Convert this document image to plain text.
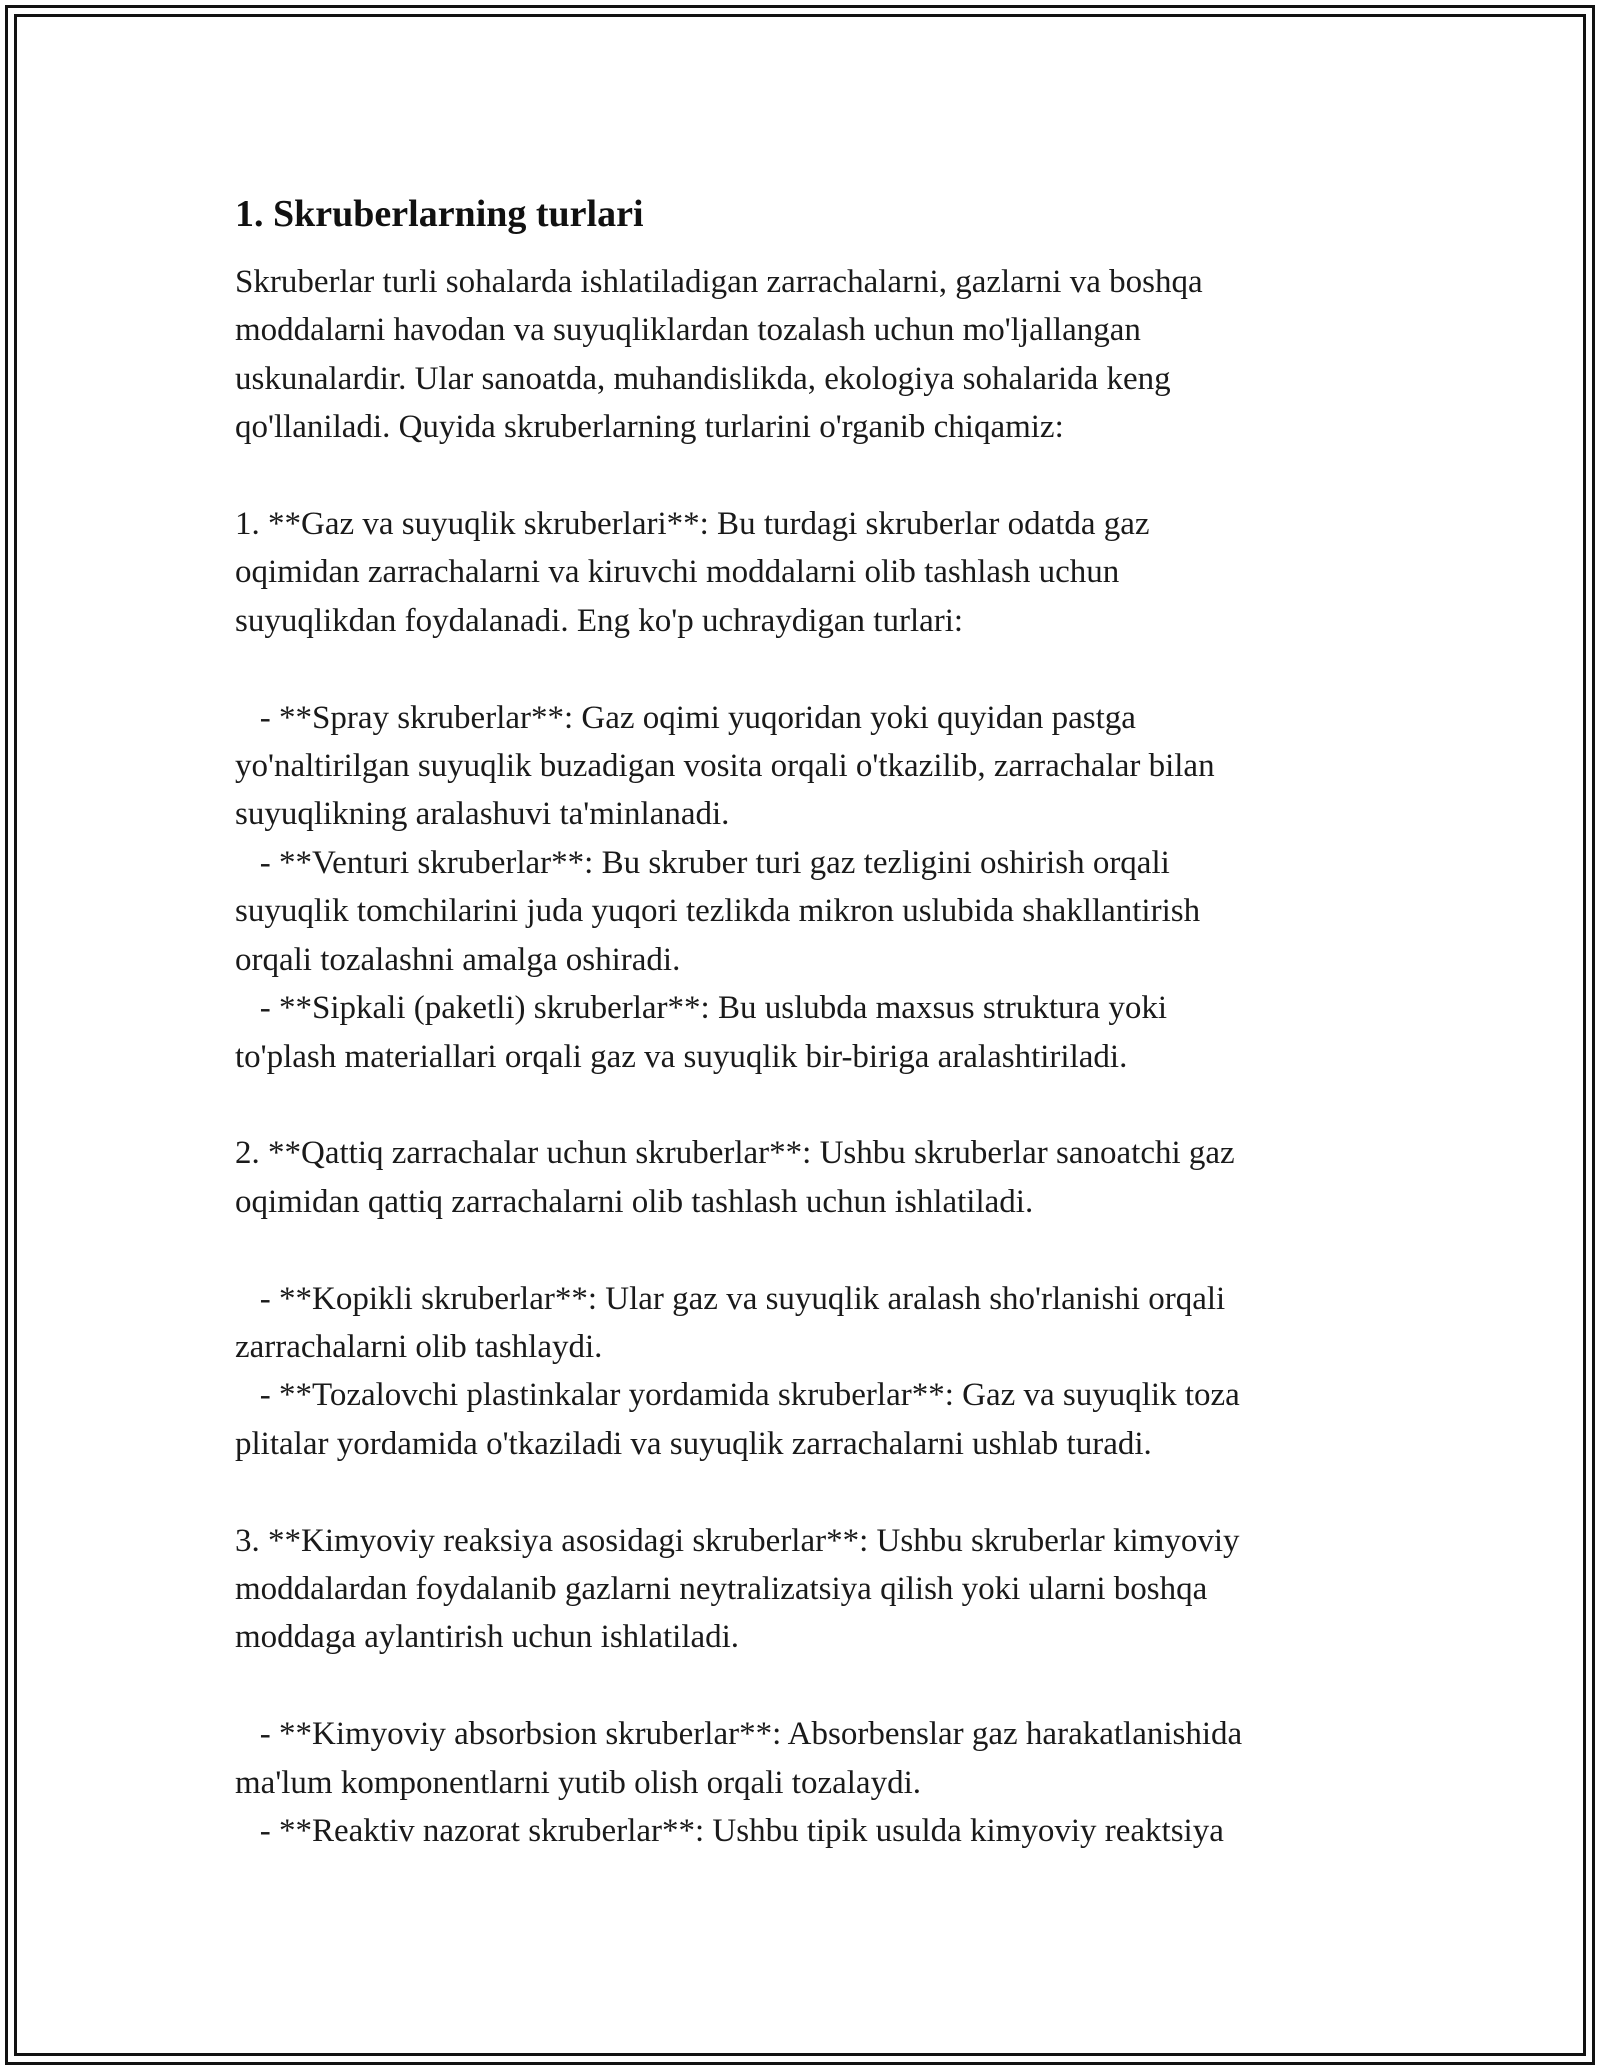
1. Skruberlarning turlari

Skruberlar turli sohalarda ishlatiladigan zarrachalarni, gazlarni va boshqa
moddalarni havodan va suyuqliklardan tozalash uchun mo'ljallangan
uskunalardir. Ular sanoatda, muhandislikda, ekologiya sohalarida keng
qo'llaniladi. Quyida skruberlarning turlarini o'rganib chiqamiz:

1. **Gaz va suyuqlik skruberlari**: Bu turdagi skruberlar odatda gaz
oqimidan zarrachalarni va kiruvchi moddalarni olib tashlash uchun
suyuqlikdan foydalanadi. Eng ko'p uchraydigan turlari:

- **Spray skruberlar**: Gaz oqimi yuqoridan yoki quyidan pastga
yo'naltirilgan suyuqlik buzadigan vosita orqali o'tkazilib, zarrachalar bilan
suyuqlikning aralashuvi ta'minlanadi.
- **Venturi skruberlar**: Bu skruber turi gaz tezligini oshirish orqali
suyuqlik tomchilarini juda yuqori tezlikda mikron uslubida shakllantirish
orqali tozalashni amalga oshiradi.
- **Sipkali (paketli) skruberlar**: Bu uslubda maxsus struktura yoki
to'plash materiallari orqali gaz va suyuqlik bir-biriga aralashtiriladi.

2. **Qattiq zarrachalar uchun skruberlar**: Ushbu skruberlar sanoatchi gaz
oqimidan qattiq zarrachalarni olib tashlash uchun ishlatiladi.

- **Kopikli skruberlar**: Ular gaz va suyuqlik aralash sho'rlanishi orqali
zarrachalarni olib tashlaydi.
- **Tozalovchi plastinkalar yordamida skruberlar**: Gaz va suyuqlik toza
plitalar yordamida o'tkaziladi va suyuqlik zarrachalarni ushlab turadi.

3. **Kimyoviy reaksiya asosidagi skruberlar**: Ushbu skruberlar kimyoviy
moddalardan foydalanib gazlarni neytralizatsiya qilish yoki ularni boshqa
moddaga aylantirish uchun ishlatiladi.

- **Kimyoviy absorbsion skruberlar**: Absorbenslar gaz harakatlanishida
ma'lum komponentlarni yutib olish orqali tozalaydi.
- **Reaktiv nazorat skruberlar**: Ushbu tipik usulda kimyoviy reaktsiya
